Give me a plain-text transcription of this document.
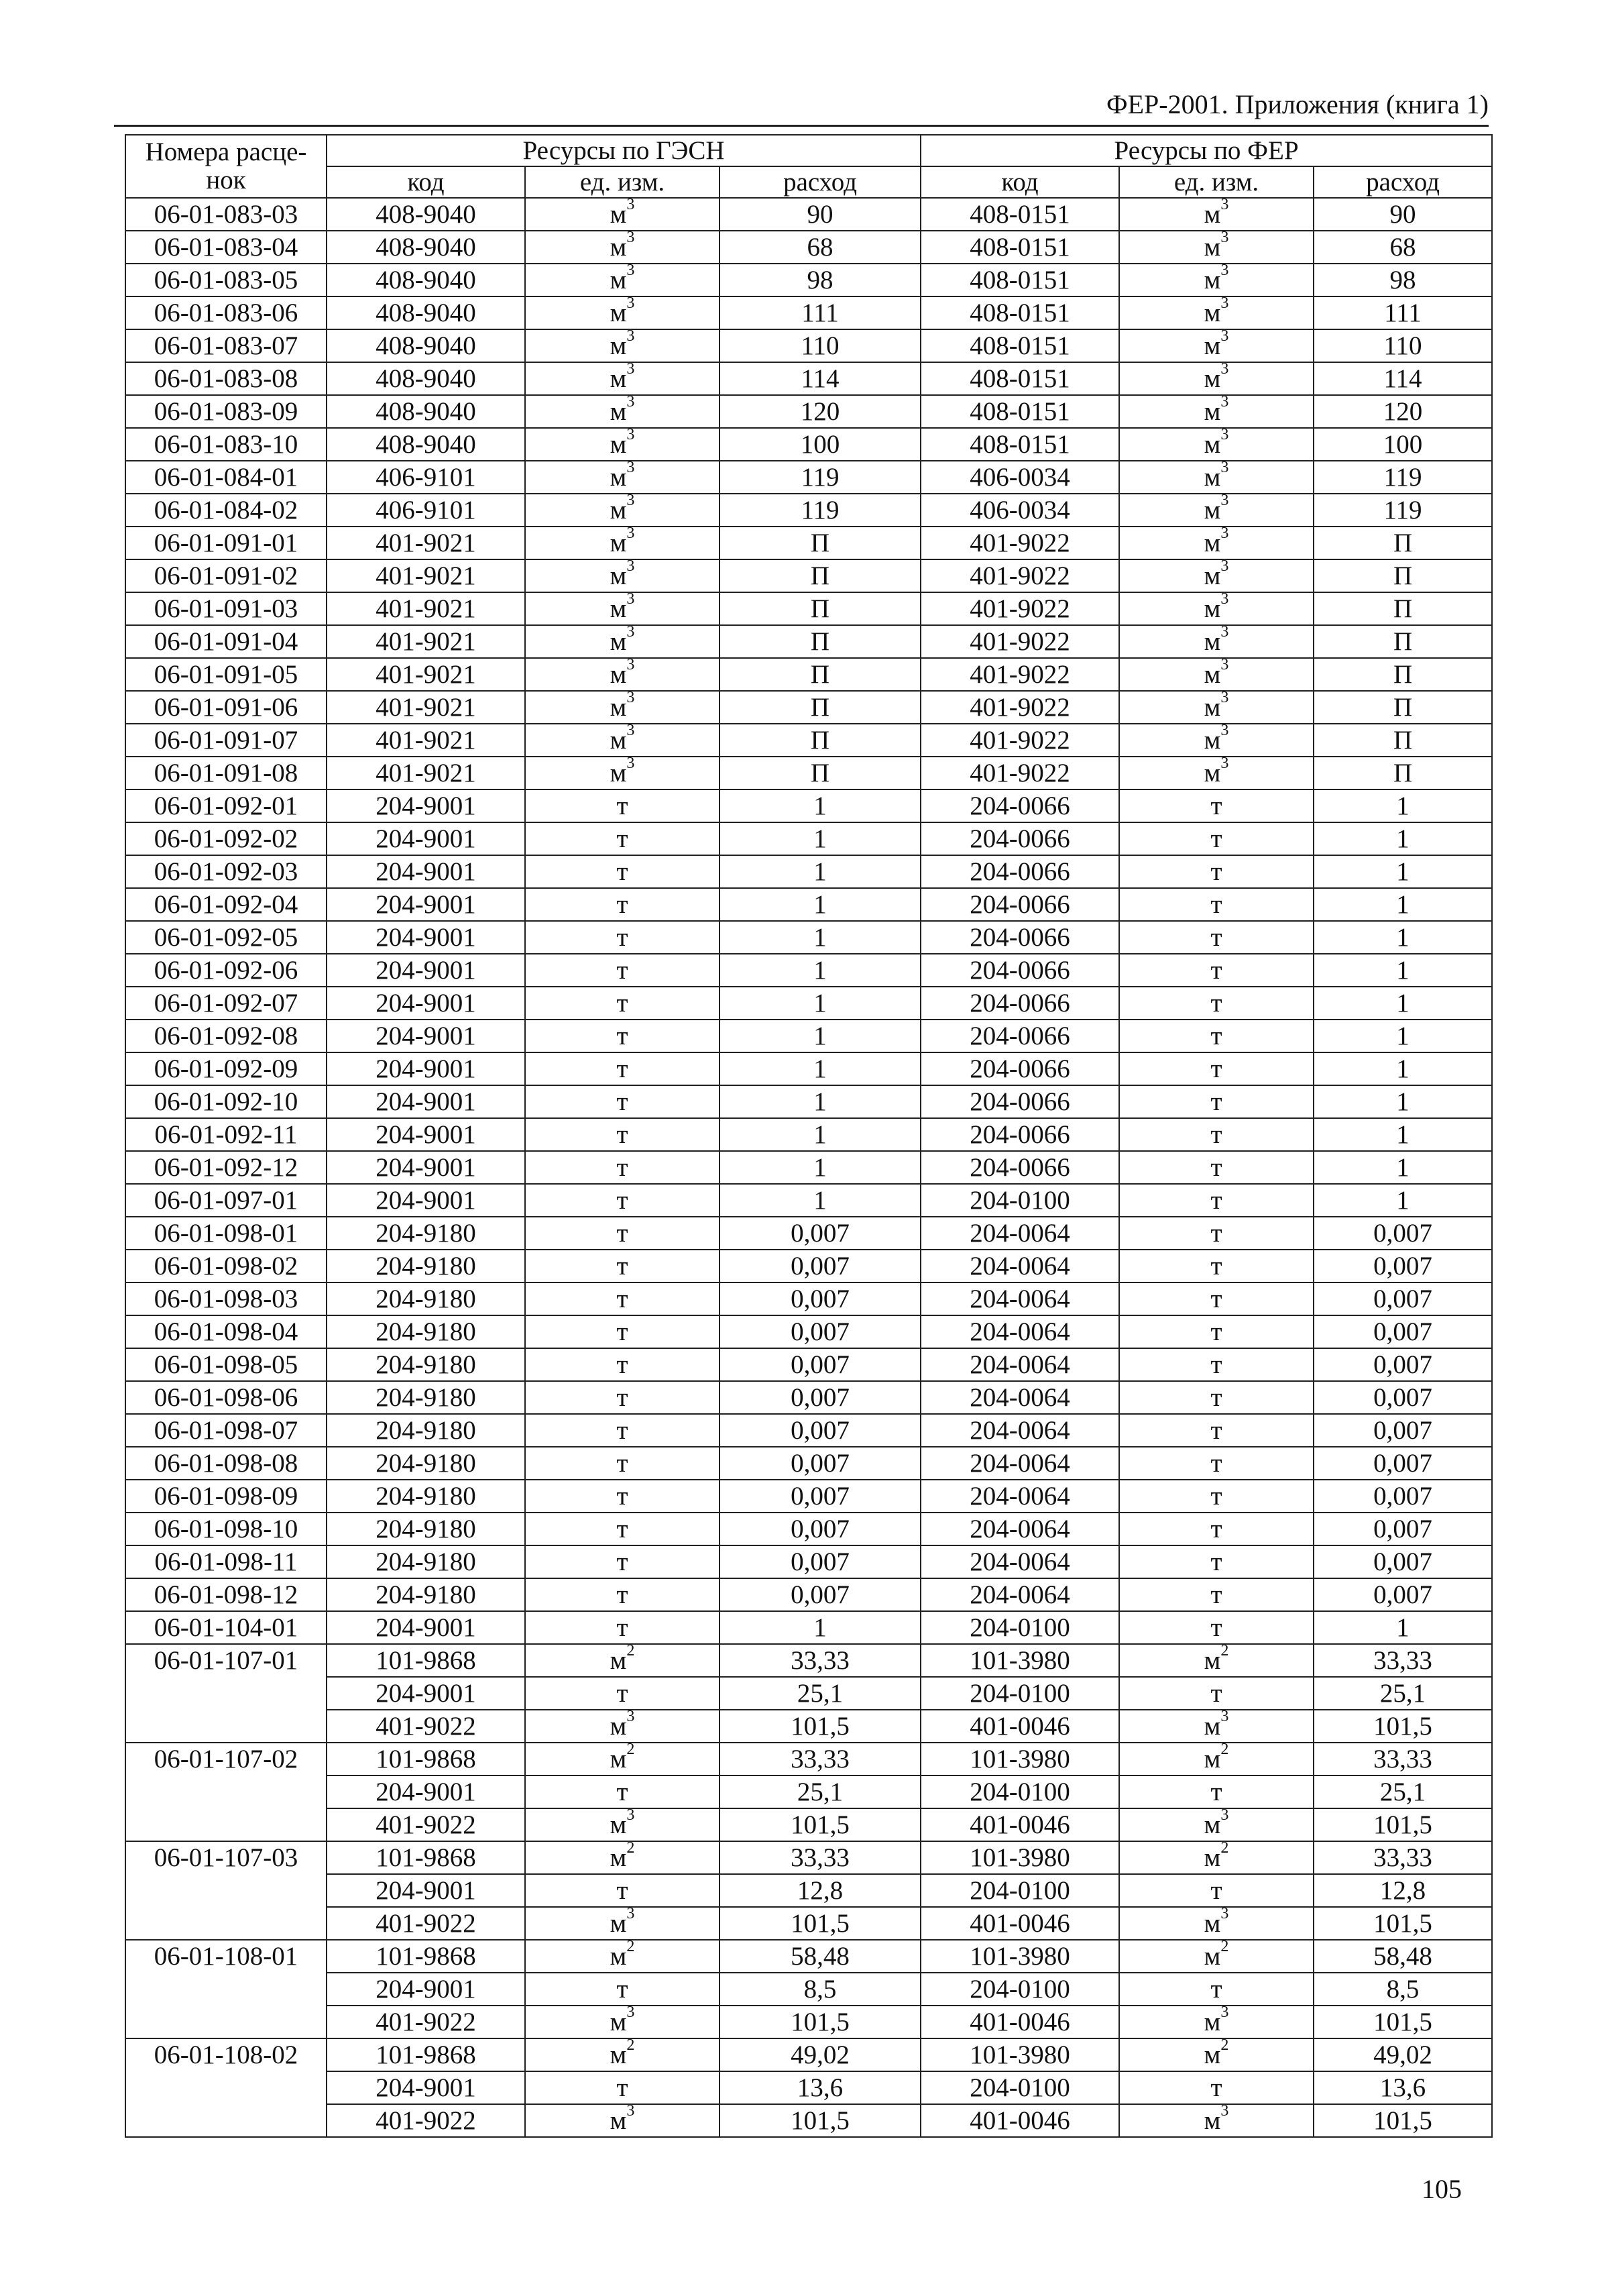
ФЕР-2001. Приложения (книга 1)
Номера расце-
нок	Ресурсы по ГЭСН			Ресурсы по ФЕР		
	код	ед. изм.	расход	код	ед. изм.	расход
06-01-083-03	408-9040	$м^3$	90	408-0151	$м^3$	90
06-01-083-04	408-9040	$м^3$	68	408-0151	$м^3$	68
06-01-083-05	408-9040	$м^3$	98	408-0151	$м^3$	98
06-01-083-06	408-9040	$м^3$	111	408-0151	$м^3$	111
06-01-083-07	408-9040	$м^3$	110	408-0151	$м^3$	110
06-01-083-08	408-9040	$м^3$	114	408-0151	$м^3$	114
06-01-083-09	408-9040	$м^3$	120	408-0151	$м^3$	120
06-01-083-10	408-9040	$м^3$	100	408-0151	$м^3$	100
06-01-084-01	406-9101	$м^3$	119	406-0034	$м^3$	119
06-01-084-02	406-9101	$м^3$	119	406-0034	$м^3$	119
06-01-091-01	401-9021	$м^3$	П	401-9022	$м^3$	П
06-01-091-02	401-9021	$м^3$	П	401-9022	$м^3$	П
06-01-091-03	401-9021	$м^3$	П	401-9022	$м^3$	П
06-01-091-04	401-9021	$м^3$	П	401-9022	$м^3$	П
06-01-091-05	401-9021	$м^3$	П	401-9022	$м^3$	П
06-01-091-06	401-9021	$м^3$	П	401-9022	$м^3$	П
06-01-091-07	401-9021	$м^3$	П	401-9022	$м^3$	П
06-01-091-08	401-9021	$м^3$	П	401-9022	$м^3$	П
06-01-092-01	204-9001	т	1	204-0066	т	1
06-01-092-02	204-9001	т	1	204-0066	т	1
06-01-092-03	204-9001	т	1	204-0066	т	1
06-01-092-04	204-9001	т	1	204-0066	т	1
06-01-092-05	204-9001	т	1	204-0066	т	1
06-01-092-06	204-9001	т	1	204-0066	т	1
06-01-092-07	204-9001	т	1	204-0066	т	1
06-01-092-08	204-9001	т	1	204-0066	т	1
06-01-092-09	204-9001	т	1	204-0066	т	1
06-01-092-10	204-9001	т	1	204-0066	т	1
06-01-092-11	204-9001	т	1	204-0066	т	1
06-01-092-12	204-9001	т	1	204-0066	т	1
06-01-097-01	204-9001	т	1	204-0100	т	1
06-01-098-01	204-9180	т	0,007	204-0064	т	0,007
06-01-098-02	204-9180	т	0,007	204-0064	т	0,007
06-01-098-03	204-9180	т	0,007	204-0064	т	0,007
06-01-098-04	204-9180	т	0,007	204-0064	т	0,007
06-01-098-05	204-9180	т	0,007	204-0064	т	0,007
06-01-098-06	204-9180	т	0,007	204-0064	т	0,007
06-01-098-07	204-9180	т	0,007	204-0064	т	0,007
06-01-098-08	204-9180	т	0,007	204-0064	т	0,007
06-01-098-09	204-9180	т	0,007	204-0064	т	0,007
06-01-098-10	204-9180	т	0,007	204-0064	т	0,007
06-01-098-11	204-9180	т	0,007	204-0064	т	0,007
06-01-098-12	204-9180	т	0,007	204-0064	т	0,007
06-01-104-01	204-9001	т	1	204-0100	т	1
06-01-107-01	101-9868	$м^2$	33,33	101-3980	$м^2$	33,33
	204-9001	т	25,1	204-0100	т	25,1
	401-9022	$м^3$	101,5	401-0046	$м^3$	101,5
06-01-107-02	101-9868	$м^2$	33,33	101-3980	$м^2$	33,33
	204-9001	т	25,1	204-0100	т	25,1
	401-9022	$м^3$	101,5	401-0046	$м^3$	101,5
06-01-107-03	101-9868	$м^2$	33,33	101-3980	$м^2$	33,33
	204-9001	т	12,8	204-0100	т	12,8
	401-9022	$м^3$	101,5	401-0046	$м^3$	101,5
06-01-108-01	101-9868	$м^2$	58,48	101-3980	$м^2$	58,48
	204-9001	т	8,5	204-0100	т	8,5
	401-9022	$м^3$	101,5	401-0046	$м^3$	101,5
06-01-108-02	101-9868	$м^2$	49,02	101-3980	$м^2$	49,02
	204-9001	т	13,6	204-0100	т	13,6
	401-9022	$м^3$	101,5	401-0046	$м^3$	101,5
105
